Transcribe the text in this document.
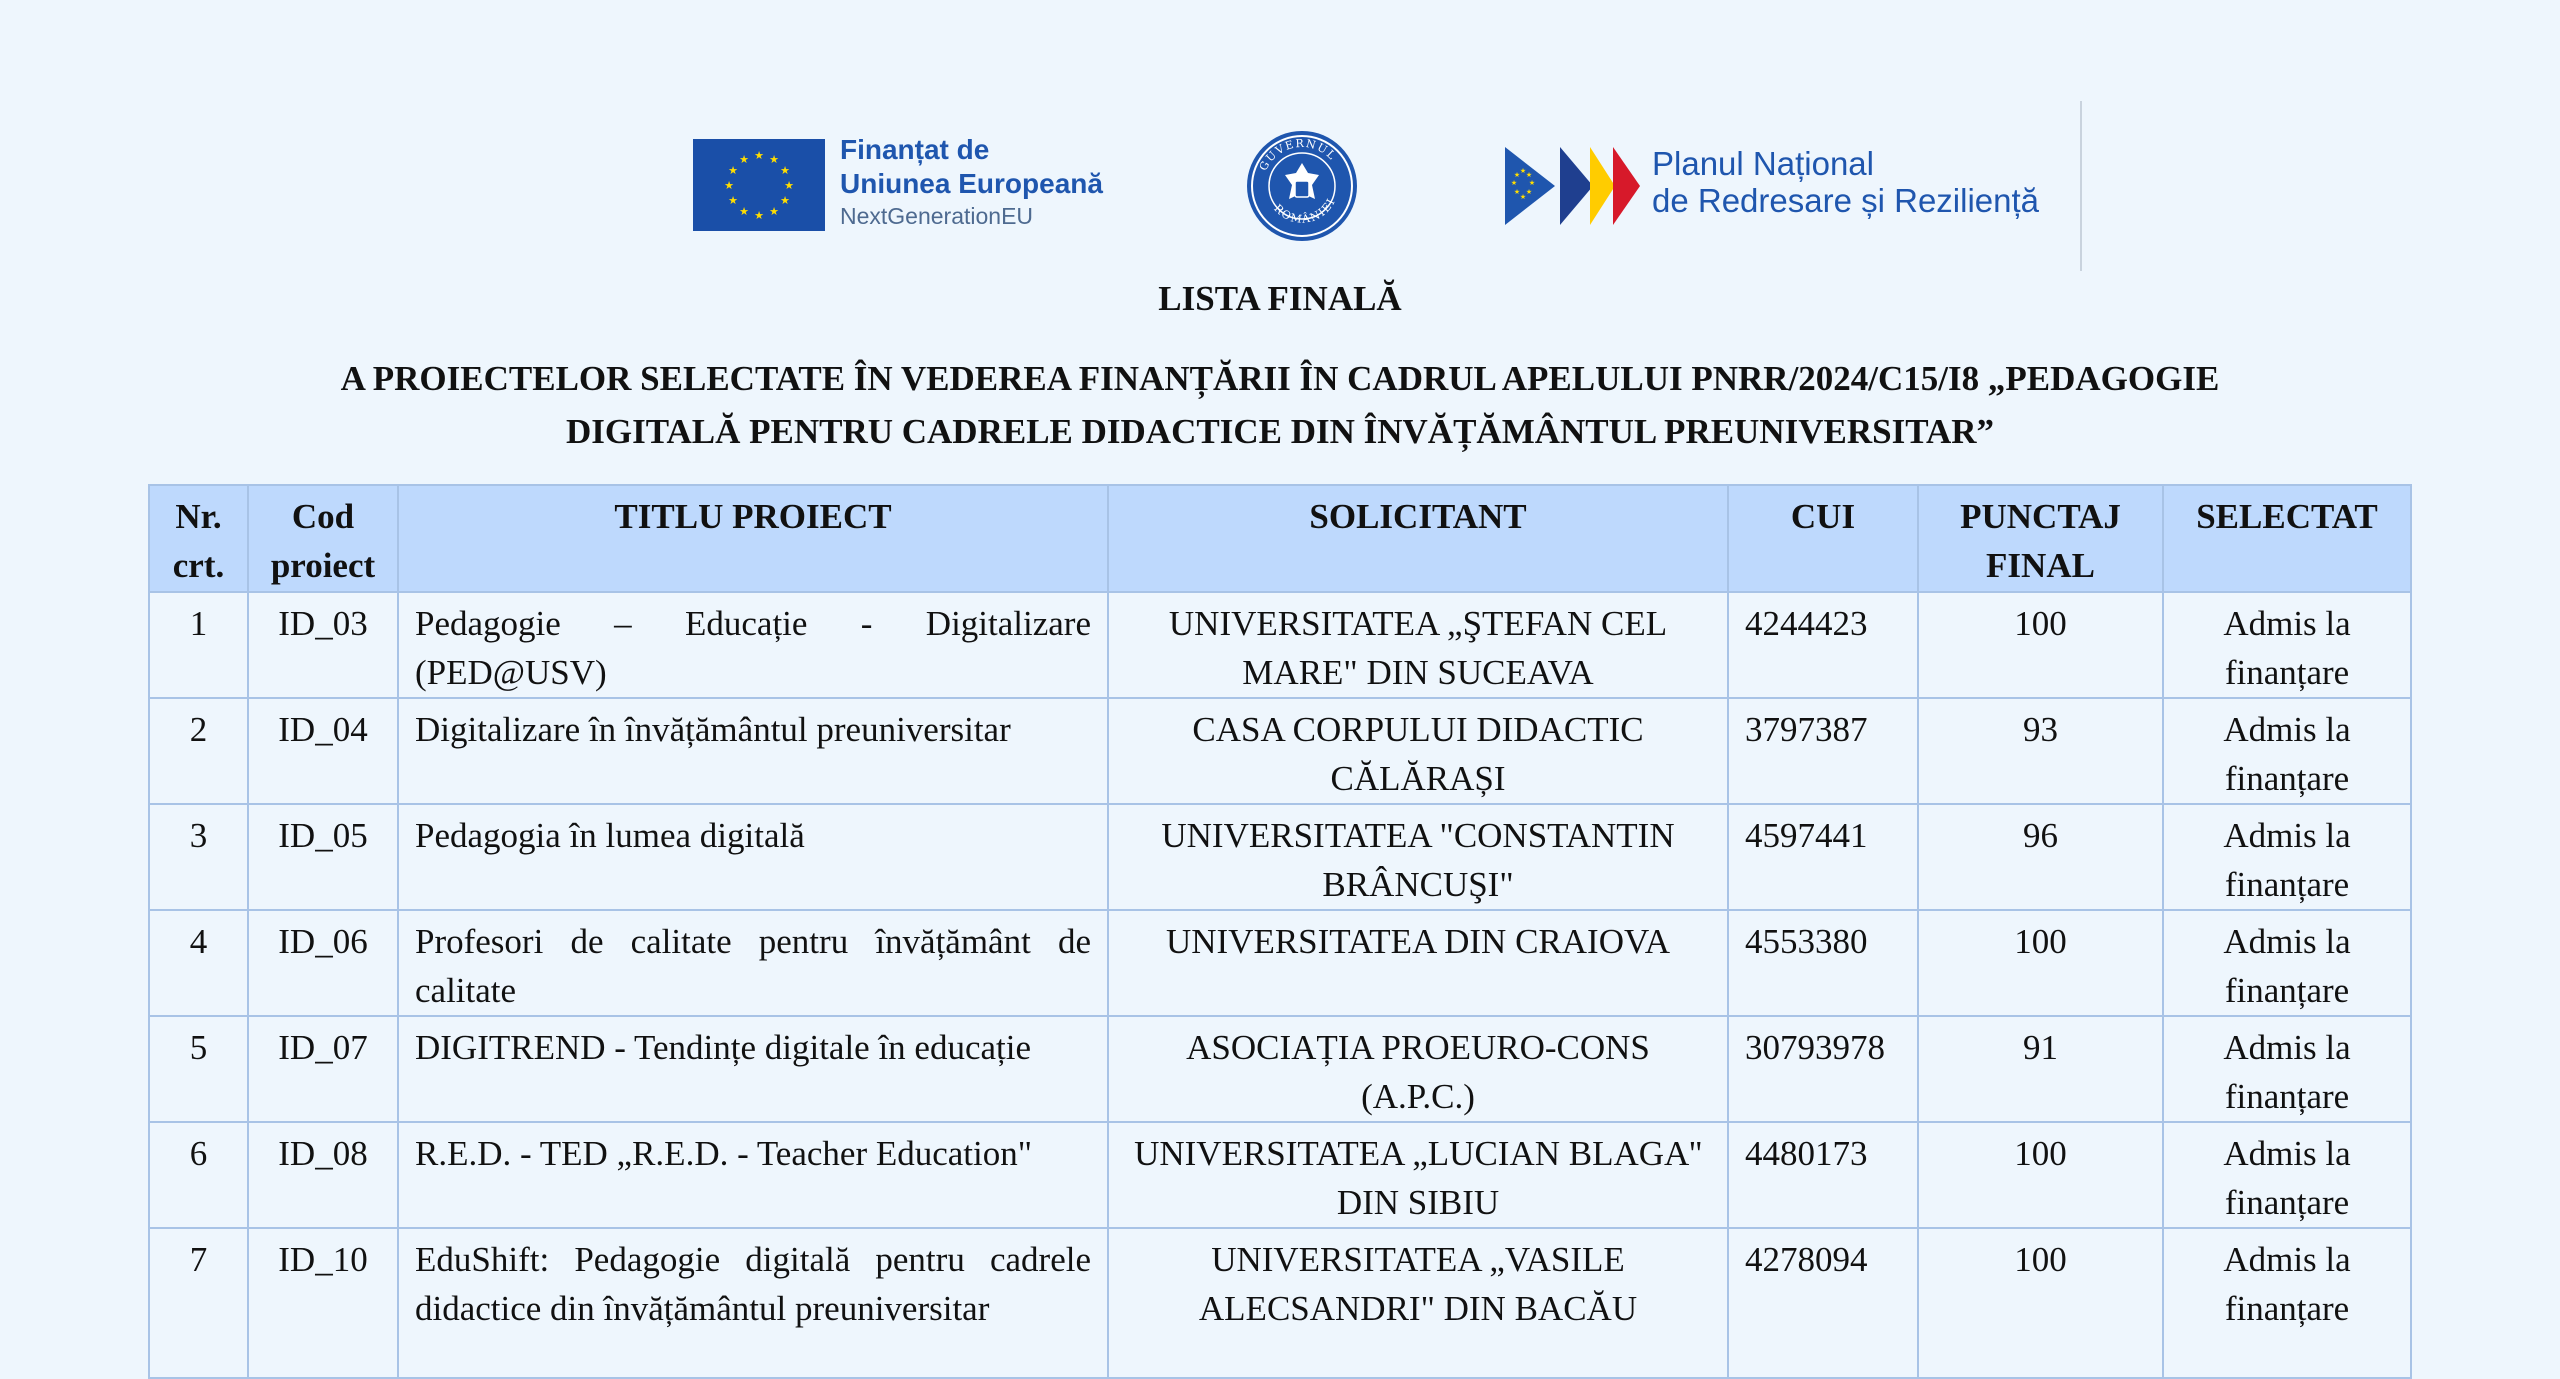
★ ★
★
★
★
★
★
★
★
★
★
★	Finanțat de
Uniunea Europeană
NextGenerationEU
GUVERNUL
ROMÂNIEI
★ ★
★
★
★
★
★
★	Planul Național
de Redresare și Reziliență
LISTA FINALĂ
A PROIECTELOR SELECTATE ÎN VEDEREA FINANȚĂRII ÎN CADRUL APELULUI PNRR/2024/C15/I8 „PEDAGOGIE DIGITALĂ PENTRU CADRELE DIDACTICE DIN ÎNVĂȚĂMÂNTUL PREUNIVERSITAR”
Nr. crt.	Cod proiect	TITLU PROIECT	SOLICITANT	CUI	PUNCTAJ FINAL	SELECTAT
1	ID_03	Pedagogie – Educație - Digitalizare (PED@USV)	UNIVERSITATEA „ŞTEFAN CEL MARE" DIN SUCEAVA	4244423	100	Admis la finanțare
2	ID_04	Digitalizare în învățământul preuniversitar	CASA CORPULUI DIDACTIC CĂLĂRAȘI	3797387	93	Admis la finanțare
3	ID_05	Pedagogia în lumea digitală	UNIVERSITATEA "CONSTANTIN BRÂNCUŞI"	4597441	96	Admis la finanțare
4	ID_06	Profesori de calitate pentru învățământ de calitate	UNIVERSITATEA DIN CRAIOVA	4553380	100	Admis la finanțare
5	ID_07	DIGITREND - Tendințe digitale în educație	ASOCIAȚIA PROEURO-CONS (A.P.C.)	30793978	91	Admis la finanțare
6	ID_08	R.E.D. - TED „R.E.D. - Teacher Education"	UNIVERSITATEA „LUCIAN BLAGA'' DIN SIBIU	4480173	100	Admis la finanțare
7	ID_10	EduShift: Pedagogie digitală pentru cadrele didactice din învățământul preuniversitar	UNIVERSITATEA „VASILE ALECSANDRI" DIN BACĂU	4278094	100	Admis la finanțare
